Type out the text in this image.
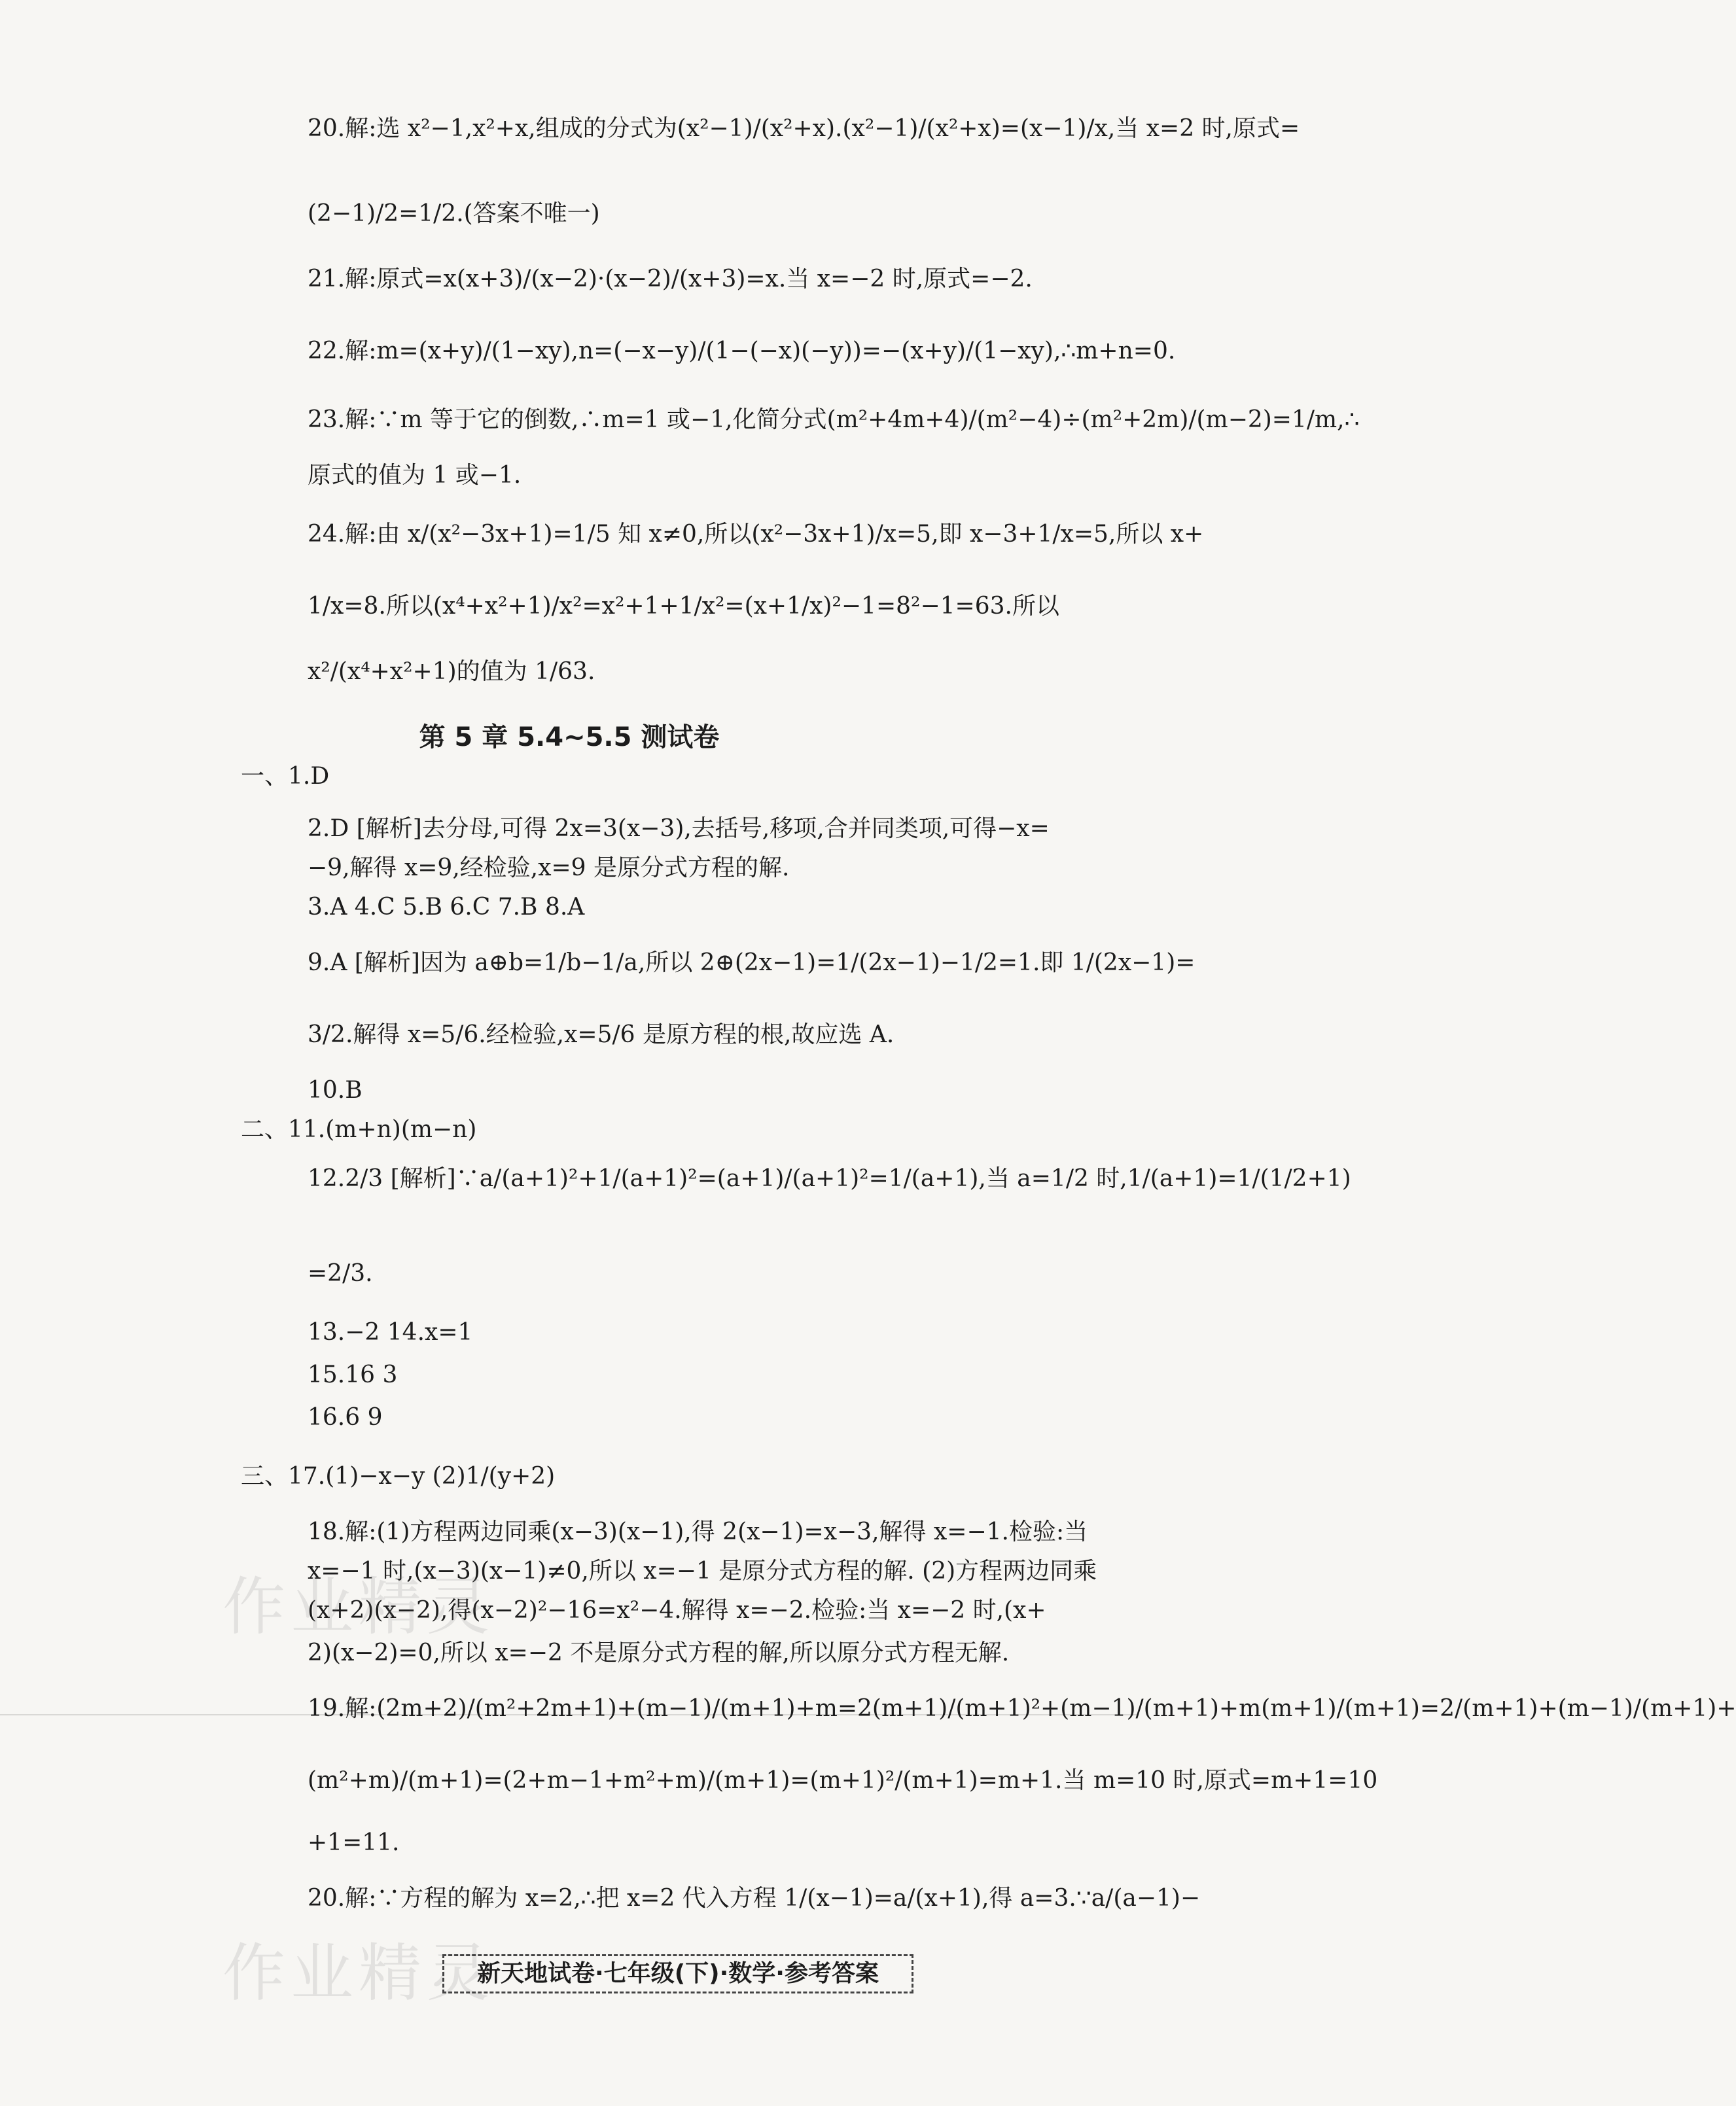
第 5 章 5.4~5.5 测试卷
20.解:选 x²−1,x²+x,组成的分式为(x²−1)/(x²+x).(x²−1)/(x²+x)=(x−1)/x,当 x=2 时,原式=
(2−1)/2=1/2.(答案不唯一)
21.解:原式=x(x+3)/(x−2)·(x−2)/(x+3)=x.当 x=−2 时,原式=−2.
22.解:m=(x+y)/(1−xy),n=(−x−y)/(1−(−x)(−y))=−(x+y)/(1−xy),∴m+n=0.
23.解:∵m 等于它的倒数,∴m=1 或−1,化简分式(m²+4m+4)/(m²−4)÷(m²+2m)/(m−2)=1/m,∴
原式的值为 1 或−1.
24.解:由 x/(x²−3x+1)=1/5 知 x≠0,所以(x²−3x+1)/x=5,即 x−3+1/x=5,所以 x+
1/x=8.所以(x⁴+x²+1)/x²=x²+1+1/x²=(x+1/x)²−1=8²−1=63.所以
x²/(x⁴+x²+1)的值为 1/63.
一、1.D
2.D [解析]去分母,可得 2x=3(x−3),去括号,移项,合并同类项,可得−x=
−9,解得 x=9,经检验,x=9 是原分式方程的解.
3.A 4.C 5.B 6.C 7.B 8.A
9.A [解析]因为 a⊕b=1/b−1/a,所以 2⊕(2x−1)=1/(2x−1)−1/2=1.即 1/(2x−1)=
3/2.解得 x=5/6.经检验,x=5/6 是原方程的根,故应选 A.
10.B
二、11.(m+n)(m−n)
12.2/3 [解析]∵a/(a+1)²+1/(a+1)²=(a+1)/(a+1)²=1/(a+1),当 a=1/2 时,1/(a+1)=1/(1/2+1)
=2/3.
13.−2 14.x=1
15.16 3
16.6 9
三、17.(1)−x−y (2)1/(y+2)
18.解:(1)方程两边同乘(x−3)(x−1),得 2(x−1)=x−3,解得 x=−1.检验:当
x=−1 时,(x−3)(x−1)≠0,所以 x=−1 是原分式方程的解. (2)方程两边同乘
(x+2)(x−2),得(x−2)²−16=x²−4.解得 x=−2.检验:当 x=−2 时,(x+
2)(x−2)=0,所以 x=−2 不是原分式方程的解,所以原分式方程无解.
19.解:(2m+2)/(m²+2m+1)+(m−1)/(m+1)+m=2(m+1)/(m+1)²+(m−1)/(m+1)+m(m+1)/(m+1)=2/(m+1)+(m−1)/(m+1)+
(m²+m)/(m+1)=(2+m−1+m²+m)/(m+1)=(m+1)²/(m+1)=m+1.当 m=10 时,原式=m+1=10
+1=11.
20.解:∵方程的解为 x=2,∴把 x=2 代入方程 1/(x−1)=a/(x+1),得 a=3.∵a/(a−1)−
作业精灵
作业精灵
新天地试卷·七年级(下)·数学·参考答案
